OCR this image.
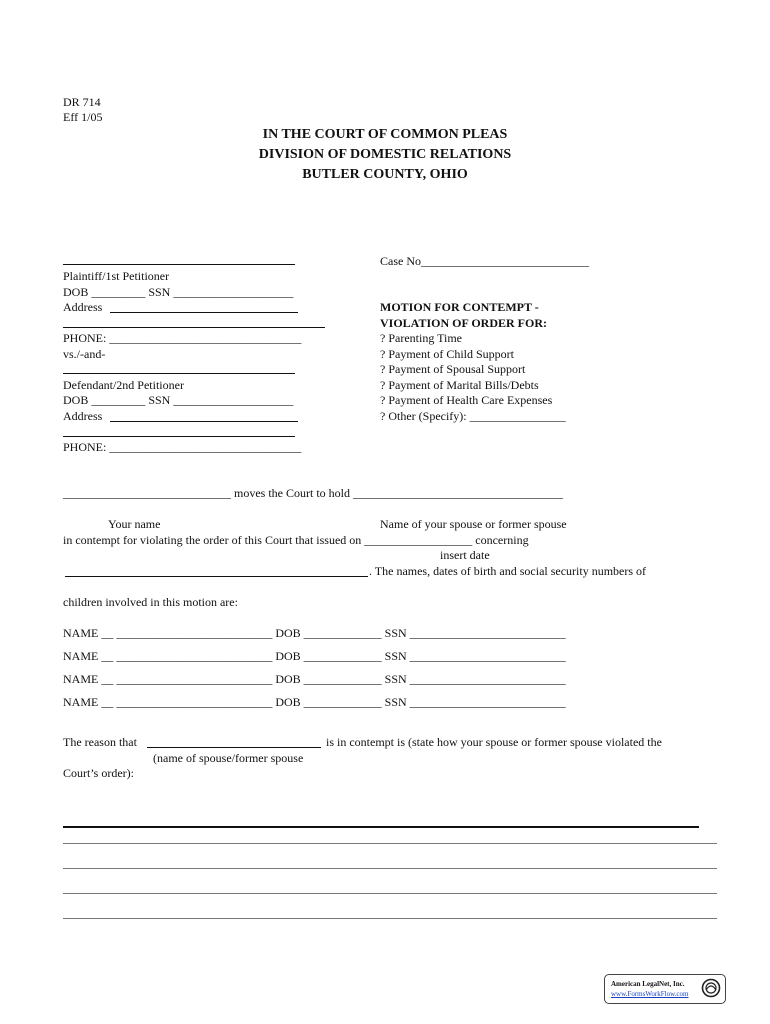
DR 714
Eff 1/05
IN THE COURT OF COMMON PLEAS
DIVISION OF DOMESTIC RELATIONS
BUTLER COUNTY, OHIO
Plaintiff/1st Petitioner
DOB _________ SSN ____________________
Address
PHONE: ________________________________
vs./-and-
Defendant/2nd Petitioner
DOB _________ SSN ____________________
Address
PHONE: ________________________________
Case No____________________________
MOTION FOR CONTEMPT -
VIOLATION OF ORDER FOR:
? Parenting Time
? Payment of Child Support
? Payment of Spousal Support
? Payment of Marital Bills/Debts
? Payment of Health Care Expenses
? Other (Specify): ________________
____________________________ moves the Court to hold ___________________________________
Your name	Name of your spouse or former spouse
in contempt for violating the order of this Court that issued on __________________ concerning
insert date
. The names, dates of birth and social security numbers of
children involved in this motion are:
NAME __ __________________________ DOB _____________ SSN __________________________
NAME __ __________________________ DOB _____________ SSN __________________________
NAME __ __________________________ DOB _____________ SSN __________________________
NAME __ __________________________ DOB _____________ SSN __________________________
The reason that	is in contempt is (state how your spouse or former spouse violated the
(name of spouse/former spouse
Court’s order):
American LegalNet, Inc.
www.FormsWorkFlow.com
